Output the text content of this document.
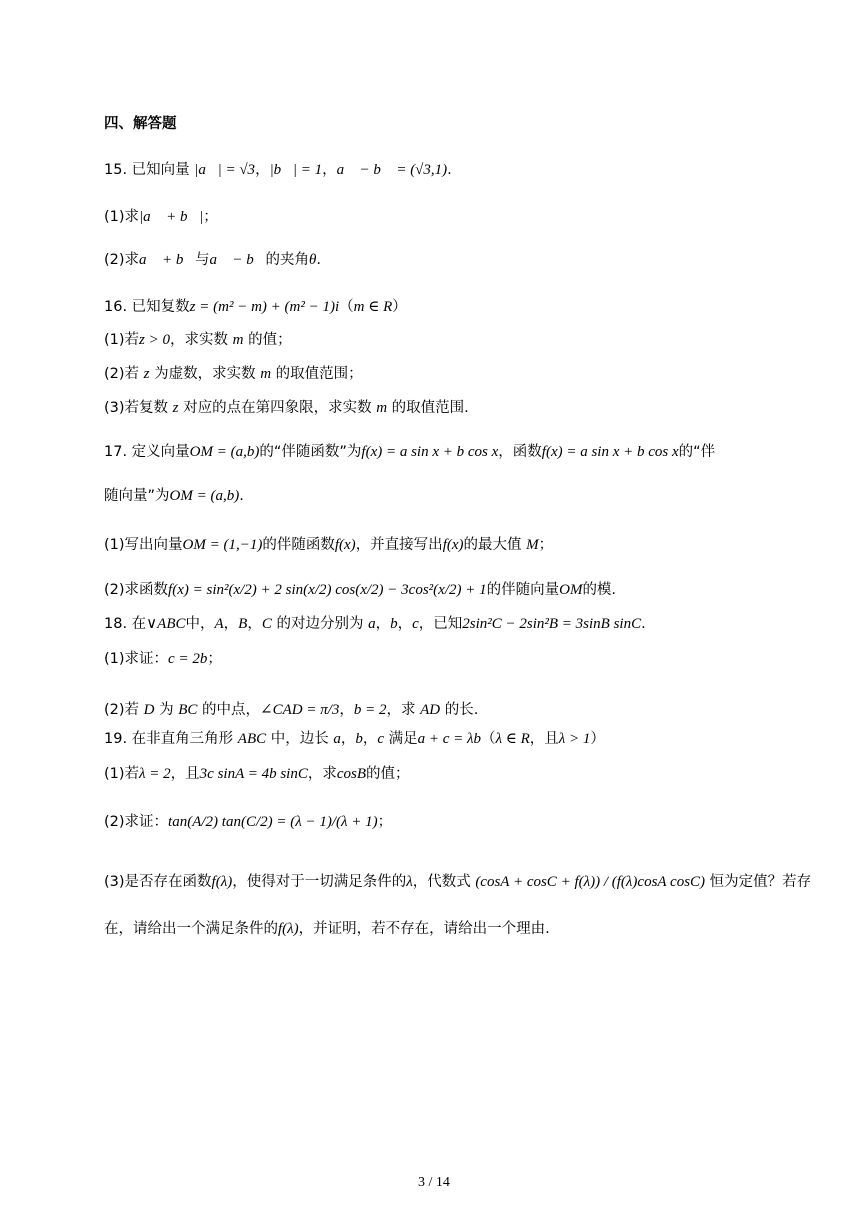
四、解答题
15. 已知向量 |a⃗| = √3，|b⃗| = 1，a⃗ − b⃗ = (√3,1).
(1)求|a⃗ + b⃗|；
(2)求a⃗ + b⃗与a⃗ − b⃗的夹角θ.
16. 已知复数z = (m² − m) + (m² − 1)i（m ∈ R）
(1)若z > 0，求实数 m 的值；
(2)若 z 为虚数，求实数 m 的取值范围；
(3)若复数 z 对应的点在第四象限，求实数 m 的取值范围.
17. 定义向量OM = (a,b)的“伴随函数”为f(x) = a sin x + b cos x，函数f(x) = a sin x + b cos x的“伴
随向量”为OM = (a,b).
(1)写出向量OM = (1,−1)的伴随函数f(x)，并直接写出f(x)的最大值 M；
(2)求函数f(x) = sin²(x/2) + 2 sin(x/2) cos(x/2) − 3cos²(x/2) + 1的伴随向量OM的模.
18. 在∨ABC中，A，B，C 的对边分别为 a，b，c，已知2sin²C − 2sin²B = 3sinB sinC.
(1)求证：c = 2b；
(2)若 D 为 BC 的中点，∠CAD = π/3，b = 2，求 AD 的长.
19. 在非直角三角形 ABC 中，边长 a，b，c 满足a + c = λb（λ ∈ R，且λ > 1）
(1)若λ = 2，且3c sinA = 4b sinC，求cosB的值；
(2)求证：tan(A/2) tan(C/2) = (λ − 1)/(λ + 1)；
(3)是否存在函数f(λ)，使得对于一切满足条件的λ，代数式 (cosA + cosC + f(λ)) / (f(λ)cosA cosC) 恒为定值？若存
在，请给出一个满足条件的f(λ)，并证明，若不存在，请给出一个理由.
3 / 14
